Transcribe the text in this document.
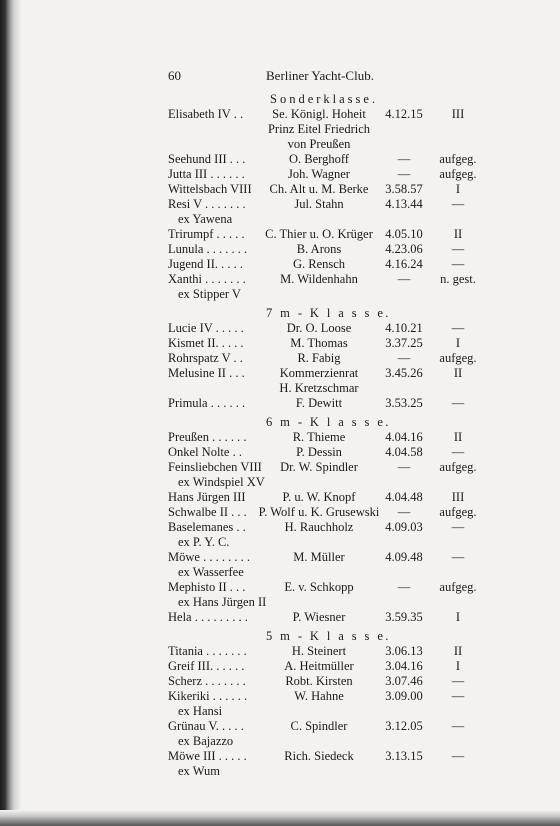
60	Berliner Yacht-Club.
Sonderklasse.
Elisabeth IV . .	Se. Königl. Hoheit	4.12.15	III
Prinz Eitel Friedrich
von Preußen
Seehund III . . .	O. Berghoff	—	aufgeg.
Jutta III . . . . . .	Joh. Wagner	—	aufgeg.
Wittelsbach VIII	Ch. Alt u. M. Berke	3.58.57	I
Resi V . . . . . . .	Jul. Stahn	4.13.44	—
ex Yawena
Trirumpf . . . . .	C. Thier u. O. Krüger 4.05.10	II
Lunula . . . . . . .	B. Arons	4.23.06	—
Jugend II. . . . .	G. Rensch	4.16.24	—
Xanthi . . . . . . .	M. Wildenhahn	—	n. gest.
ex Stipper V
7 m - K l a s s e.
Lucie IV . . . . .	Dr. O. Loose	4.10.21	—
Kismet II. . . . .	M. Thomas	3.37.25	I
Rohrspatz V . .	R. Fabig	—	aufgeg.
Melusine II . . .	Kommerzienrat	3.45.26	II
H. Kretzschmar
Primula . . . . . .	F. Dewitt	3.53.25	—
6 m - K l a s s e.
Preußen . . . . . .	R. Thieme	4.04.16	II
Onkel Nolte . .	P. Dessin	4.04.58	—
Feinsliebchen VIII	Dr. W. Spindler	—	aufgeg.
ex Windspiel XV
Hans Jürgen III	P. u. W. Knopf	4.04.48	III
Schwalbe II . . . P. Wolf u. K. Grusewski	—	aufgeg.
Baselemanes . .	H. Rauchholz	4.09.03	—
ex P. Y. C.
Möwe . . . . . . . .	M. Müller	4.09.48	—
ex Wasserfee
Mephisto II . . .	E. v. Schkopp	—	aufgeg.
ex Hans Jürgen II
Hela . . . . . . . . .	P. Wiesner	3.59.35	I
5 m - K l a s s e.
Titania . . . . . . .	H. Steinert	3.06.13	II
Greif III. . . . . .	A. Heitmüller	3.04.16	I
Scherz . . . . . . .	Robt. Kirsten	3.07.46	—
Kikeriki . . . . . .	W. Hahne	3.09.00	—
ex Hansi
Grünau V. . . . .	C. Spindler	3.12.05	—
ex Bajazzo
Möwe III . . . . .	Rich. Siedeck	3.13.15	—
ex Wum
